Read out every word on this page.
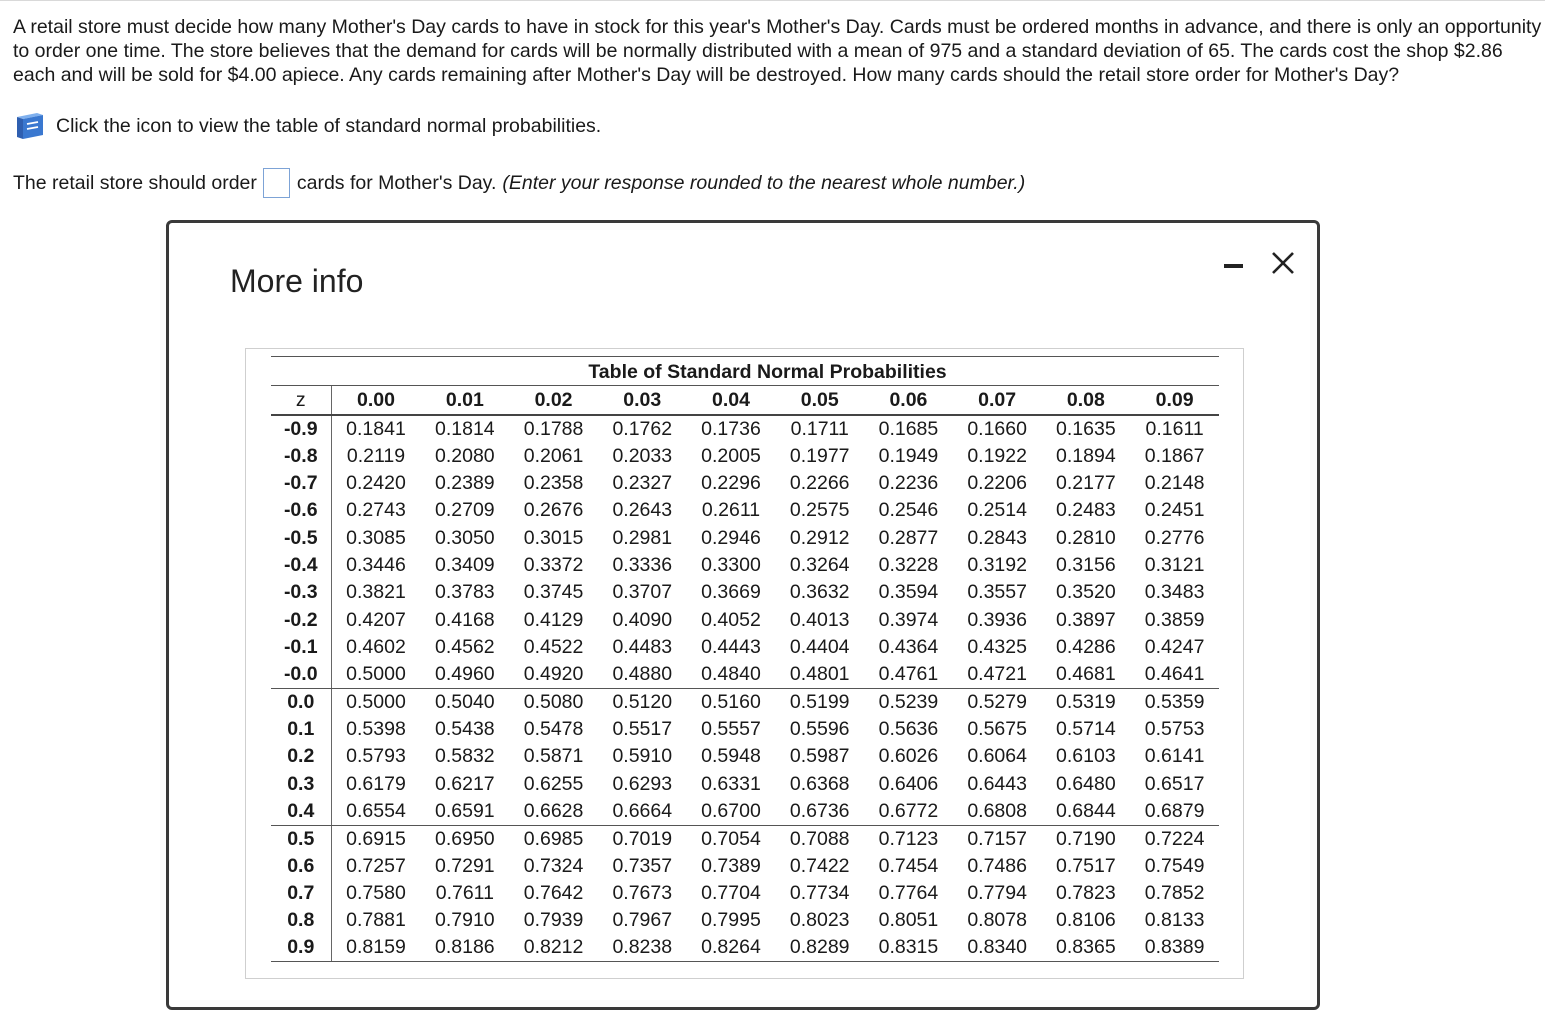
A retail store must decide how many Mother's Day cards to have in stock for this year's Mother's Day. Cards must be ordered months in advance, and there is only an opportunity to order one time. The store believes that the demand for cards will be normally distributed with a mean of 975 and a standard deviation of 65. The cards cost the shop $2.86 each and will be sold for $4.00 apiece. Any cards remaining after Mother's Day will be destroyed. How many cards should the retail store order for Mother's Day?

Click the icon to view the table of standard normal probabilities.
The retail store should order cards for Mother's Day. (Enter your response rounded to the nearest whole number.)
More info
Table of Standard Normal Probabilities
z	0.00	0.01	0.02	0.03	0.04	0.05	0.06	0.07	0.08	0.09
-0.9	0.1841	0.1814	0.1788	0.1762	0.1736	0.1711	0.1685	0.1660	0.1635	0.1611
-0.8	0.2119	0.2080	0.2061	0.2033	0.2005	0.1977	0.1949	0.1922	0.1894	0.1867
-0.7	0.2420	0.2389	0.2358	0.2327	0.2296	0.2266	0.2236	0.2206	0.2177	0.2148
-0.6	0.2743	0.2709	0.2676	0.2643	0.2611	0.2575	0.2546	0.2514	0.2483	0.2451
-0.5	0.3085	0.3050	0.3015	0.2981	0.2946	0.2912	0.2877	0.2843	0.2810	0.2776
-0.4	0.3446	0.3409	0.3372	0.3336	0.3300	0.3264	0.3228	0.3192	0.3156	0.3121
-0.3	0.3821	0.3783	0.3745	0.3707	0.3669	0.3632	0.3594	0.3557	0.3520	0.3483
-0.2	0.4207	0.4168	0.4129	0.4090	0.4052	0.4013	0.3974	0.3936	0.3897	0.3859
-0.1	0.4602	0.4562	0.4522	0.4483	0.4443	0.4404	0.4364	0.4325	0.4286	0.4247
-0.0	0.5000	0.4960	0.4920	0.4880	0.4840	0.4801	0.4761	0.4721	0.4681	0.4641
0.0	0.5000	0.5040	0.5080	0.5120	0.5160	0.5199	0.5239	0.5279	0.5319	0.5359
0.1	0.5398	0.5438	0.5478	0.5517	0.5557	0.5596	0.5636	0.5675	0.5714	0.5753
0.2	0.5793	0.5832	0.5871	0.5910	0.5948	0.5987	0.6026	0.6064	0.6103	0.6141
0.3	0.6179	0.6217	0.6255	0.6293	0.6331	0.6368	0.6406	0.6443	0.6480	0.6517
0.4	0.6554	0.6591	0.6628	0.6664	0.6700	0.6736	0.6772	0.6808	0.6844	0.6879
0.5	0.6915	0.6950	0.6985	0.7019	0.7054	0.7088	0.7123	0.7157	0.7190	0.7224
0.6	0.7257	0.7291	0.7324	0.7357	0.7389	0.7422	0.7454	0.7486	0.7517	0.7549
0.7	0.7580	0.7611	0.7642	0.7673	0.7704	0.7734	0.7764	0.7794	0.7823	0.7852
0.8	0.7881	0.7910	0.7939	0.7967	0.7995	0.8023	0.8051	0.8078	0.8106	0.8133
0.9	0.8159	0.8186	0.8212	0.8238	0.8264	0.8289	0.8315	0.8340	0.8365	0.8389
